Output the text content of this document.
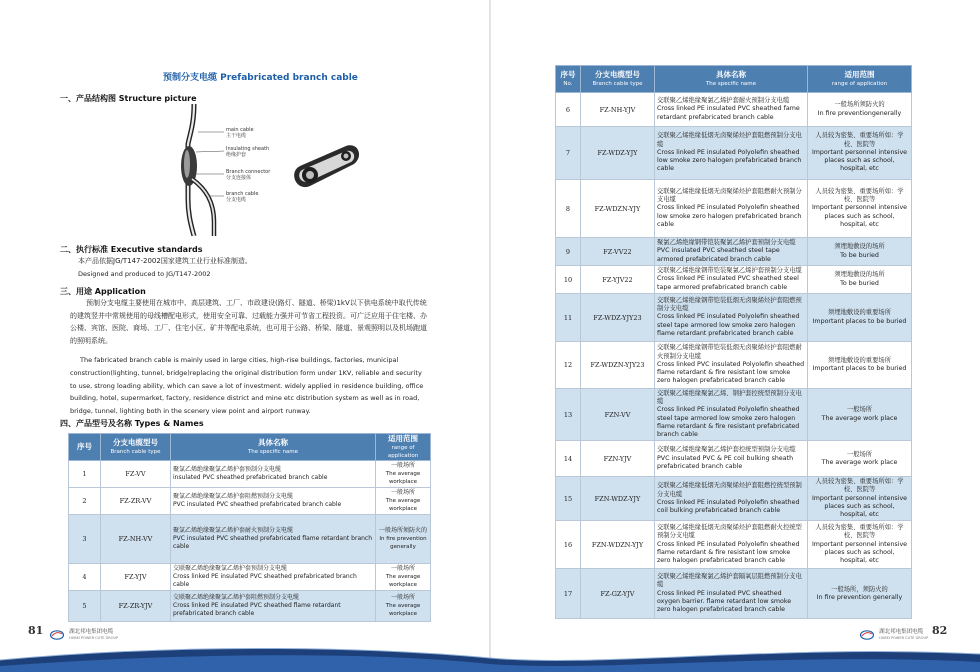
预制分支电缆 Prefabricated branch cable
一、产品结构图 Structure picture
main cable
主干电缆
Insulating sheath
绝缘护套
Branch connector
分支连接体
branch cable
分支电缆
二、执行标准 Executive standards
本产品依据JG/T147-2002国家建筑工业行业标准制造。
Designed and produced to JG/T147-2002
三、用途 Application
预制分支电缆主要使用在城市中、高层建筑、工厂、市政建设(路灯、隧道、桥梁)1kV以下供电系统中取代传统的建筑竖井中常规使用的母线槽配电形式，使用安全可靠、过载能力强并可节省工程投资。可广泛应用于住宅楼、办公楼、宾馆、医院、商场、工厂、住宅小区、矿井等配电系统，也可用于公路、桥梁、隧道、景观照明以及机场跑道的照明系统。
The fabricated branch cable is mainly used in large cities, high-rise buildings, factories, municipal construction(lighting, tunnel, bridge)replacing the original distribution form under 1KV, reliable and security to use, strong loading ability, which can save a lot of investment. widely applied in residence building, office building, hotel, supermarket, factory, residence district and mine etc distribution system as well as in road, bridge, tunnel, lighting both in the scenery view point and airport runway.
四、产品型号及名称 Types & Names
序号	分支电缆型号
Branch cable type	具体名称
The specific name	适用范围
range of application

1	FZ-VV	聚氯乙烯绝缘聚氯乙烯护套预制分支电缆
insulated PVC sheathed prefabricated branch cable	一般场所
The average workplace

2	FZ-ZR-VV	聚氯乙烯绝缘聚氯乙烯护套阻燃预制分支电缆
PVC insulated PVC sheathed prefabricated branch cable	一般场所
The average workplace

3	FZ-NH-VV	聚氯乙烯绝缘聚氯乙烯护套耐火预制分支电缆
PVC insulated PVC sheathed prefabricated flame retardant branch cable	一般场所须防火的
In fire prevention generally

4	FZ-YJV	交联聚乙烯绝缘聚氯乙烯护套预制分支电缆
Cross linked PE insulated PVC sheathed prefabricated branch cable	一般场所
The average workplace

5	FZ-ZR-YJV	交联聚乙烯绝缘聚氯乙烯护套阻燃预制分支电缆
Cross linked PE insulated PVC sheathed flame retardant prefabricated branch cable	一般场所
The average workplace
序号
No.	分支电缆型号
Branch cable type	具体名称
The specific name	适用范围
range of application

6	FZ-NH-YJV	交联聚乙烯绝缘聚氯乙烯护套耐火预制分支电缆
Cross linked PE insulated PVC sheathed fame retardant prefabricated branch cable	一般场所须防火的
In fire preventiongenerally

7	FZ-WDZ-YJY	交联聚乙烯绝缘低烟无卤聚烯烃护套阻燃预制分支电缆
Cross linked PE insulated Polyolefin sheathed low smoke zero halogen prefabricated branch cable	人员较为密集、重要场所如：学校、医院等
Important personnel intensive places such as school, hospital, etc

8	FZ-WDZN-YJY	交联聚乙烯绝缘低烟无卤聚烯烃护套阻燃耐火预制分支电缆
Cross linked PE insulated Polyolefin sheathed low smoke zero halogen prefabricated branch cable	人员较为密集、重要场所如：学校、医院等
Important personnel intensive places such as school, hospital, etc

9	FZ-VV22	聚氯乙烯绝缘钢带铠装聚氯乙烯护套预制分支电缆
PVC insulated PVC sheathed steel tape armored prefabricated branch cable	须埋地敷设的场所
To be buried

10	FZ-YJV22	交联聚乙烯绝缘钢带铠装聚氯乙烯护套预制分支电缆
Cross linked PE insulated PVC sheathed steel tape armored prefabricated branch cable	须埋地敷设的场所
To be buried

11	FZ-WDZ-YJY23	交联聚乙烯绝缘钢带铠装低烟无卤聚烯烃护套阻燃预制分支电缆
Cross linked PE insulated Polyolefin sheathed steel tape armored low smoke zero halogen flame retardant prefabricated branch cable	须埋地敷设的重要场所
Important places to be buried

12	FZ-WDZN-YJY23	交联聚乙烯绝缘钢带铠装低烟无卤聚烯烃护套阻燃耐火预制分支电缆
Cross linked PVC insulated Polyolefin sheathed flame retardant & fire resistant low smoke zero halogen prefabricated branch cable	须埋地敷设的重要场所
Important places to be buried

13	FZN-VV	交联聚乙烯绝缘聚氯乙烯、钢护套控统型预制分支电缆
Cross linked PE insulated Polyolefin sheathed steel tape armored low smoke zero halogen flame retardant & fire resistant prefabricated branch cable	一般场所
The average work place

14	FZN-YJV	交联聚乙烯绝缘聚氯乙烯护套控统型预制分支电缆
PVC insulated PVC & PE coil bulking sheath prefabricated branch cable	一般场所
The average work place

15	FZN-WDZ-YJY	交联聚乙烯绝缘低烟无卤聚烯烃护套阻燃控统型预制分支电缆
Cross linked PE insulated Polyolefin sheathed coil bulking prefabricated branch cable	人员较为密集、重要场所如：学校、医院等
Important personnel intensive places such as school, hospital, etc

16	FZN-WDZN-YJY	交联聚乙烯绝缘低烟无卤聚烯烃护套阻燃耐火控统型预制分支电缆
Cross linked PE insulated Polyolefin sheathed flame retardant & fire resistant low smoke zero halogen prefabricated branch cable	人员较为密集、重要场所如：学校、医院等
Important personnel intensive places such as school, hospital, etc

17	FZ-GZ-YJV	交联聚乙烯绝缘聚氯乙烯护套隔氧层阻燃预制分支电缆
Cross linked PE insulated PVC sheathed oxygen barrier. flame retardant low smoke zero halogen prefabricated branch cable	一般场所，须防火的
In fire prevention generally
81
	湖北邦电集团电缆
HUBEI POWER CUTE GROUP

湖北邦电集团电缆
HUBEI POWER CUTE GROUP
82
